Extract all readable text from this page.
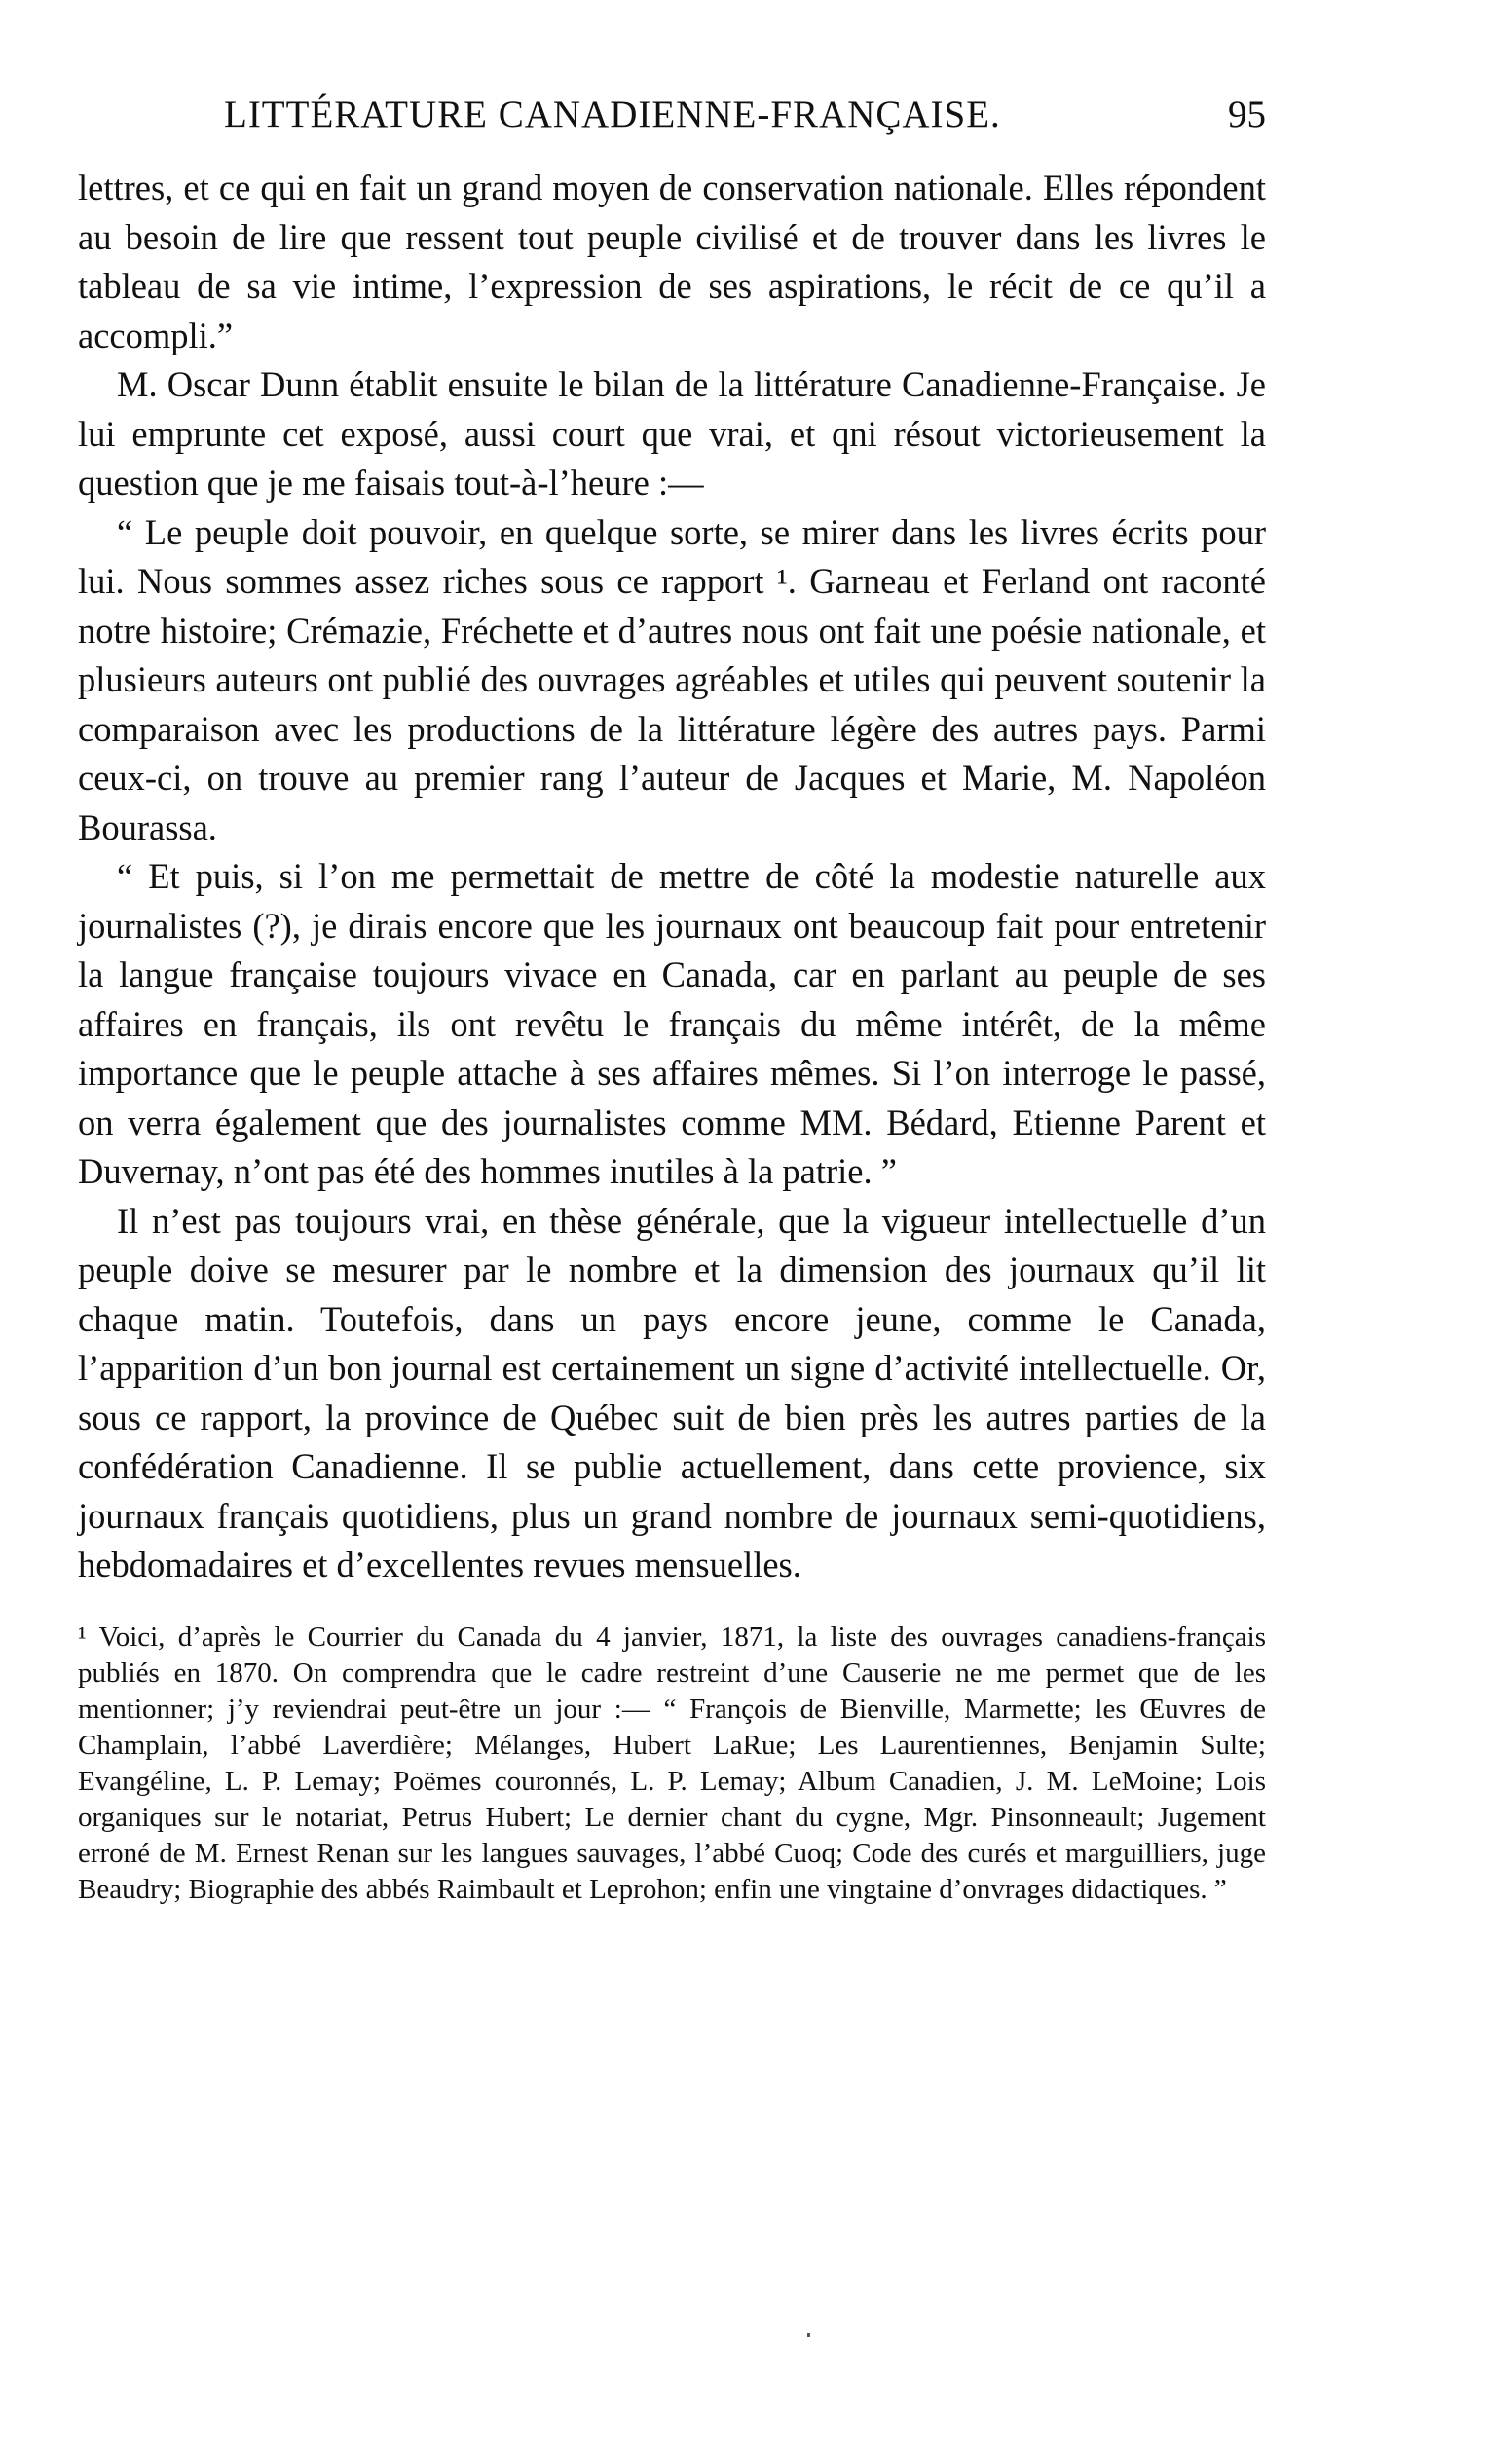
LITTÉRATURE CANADIENNE-FRANÇAISE.	95

lettres, et ce qui en fait un grand moyen de conservation nationale. Elles répondent au besoin de lire que ressent tout peuple civilisé et de trouver dans les livres le tableau de sa vie intime, l’expression de ses aspirations, le récit de ce qu’il a accompli.”

M. Oscar Dunn établit ensuite le bilan de la littérature Canadienne-Française. Je lui emprunte cet exposé, aussi court que vrai, et qni résout victorieusement la question que je me faisais tout-à-l’heure :—

“ Le peuple doit pouvoir, en quelque sorte, se mirer dans les livres écrits pour lui. Nous sommes assez riches sous ce rapport ¹. Garneau et Ferland ont raconté notre histoire; Crémazie, Fréchette et d’autres nous ont fait une poésie nationale, et plusieurs auteurs ont publié des ouvrages agréables et utiles qui peuvent soutenir la comparaison avec les productions de la littérature légère des autres pays. Parmi ceux-ci, on trouve au premier rang l’auteur de Jacques et Marie, M. Napoléon Bourassa.

“ Et puis, si l’on me permettait de mettre de côté la modestie naturelle aux journalistes (?), je dirais encore que les journaux ont beaucoup fait pour entretenir la langue française toujours vivace en Canada, car en parlant au peuple de ses affaires en français, ils ont revêtu le français du même intérêt, de la même importance que le peuple attache à ses affaires mêmes. Si l’on interroge le passé, on verra également que des journalistes comme MM. Bédard, Etienne Parent et Duvernay, n’ont pas été des hommes inutiles à la patrie. ”

Il n’est pas toujours vrai, en thèse générale, que la vigueur intellectuelle d’un peuple doive se mesurer par le nombre et la dimension des journaux qu’il lit chaque matin. Toutefois, dans un pays encore jeune, comme le Canada, l’apparition d’un bon journal est certainement un signe d’activité intellectuelle. Or, sous ce rapport, la province de Québec suit de bien près les autres parties de la confédération Canadienne. Il se publie actuellement, dans cette provience, six journaux français quotidiens, plus un grand nombre de journaux semi-quotidiens, hebdomadaires et d’excellentes revues mensuelles.

¹ Voici, d’après le Courrier du Canada du 4 janvier, 1871, la liste des ouvrages canadiens-français publiés en 1870. On comprendra que le cadre restreint d’une Causerie ne me permet que de les mentionner; j’y reviendrai peut-être un jour :— “ François de Bienville, Marmette; les Œuvres de Champlain, l’abbé Laverdière; Mélanges, Hubert LaRue; Les Laurentiennes, Benjamin Sulte; Evangéline, L. P. Lemay; Poëmes couronnés, L. P. Lemay; Album Canadien, J. M. LeMoine; Lois organiques sur le notariat, Petrus Hubert; Le dernier chant du cygne, Mgr. Pinsonneault; Jugement erroné de M. Ernest Renan sur les langues sauvages, l’abbé Cuoq; Code des curés et marguilliers, juge Beaudry; Biographie des abbés Raimbault et Leprohon; enfin une vingtaine d’onvrages didactiques. ”
